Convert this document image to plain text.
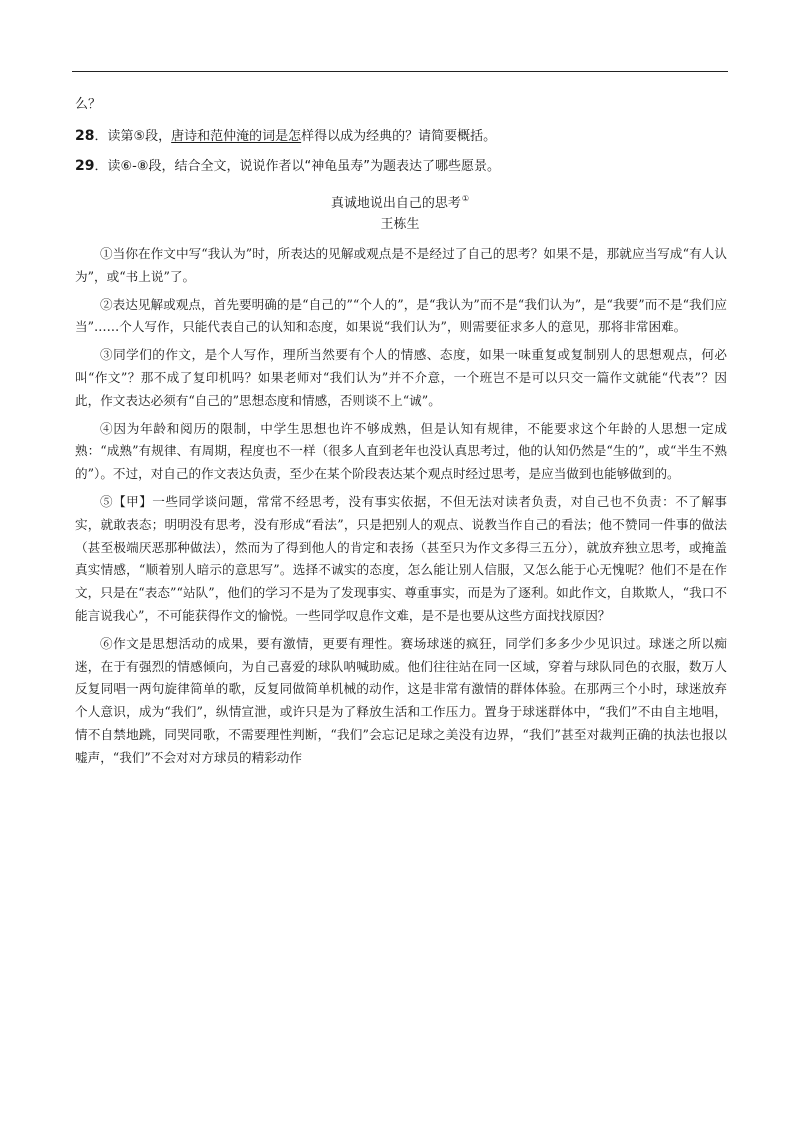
么？
28．读第⑤段，唐诗和范仲淹的词是怎样得以成为经典的？请简要概括。
29．读⑥-⑧段，结合全文，说说作者以“神龟虽寿”为题表达了哪些愿景。
真诚地说出自己的思考①
王栋生

①当你在作文中写“我认为”时，所表达的见解或观点是不是经过了自己的思考？如果不是，那就应当写成“有人认为”，或“书上说”了。

②表达见解或观点，首先要明确的是“自己的”“个人的”，是“我认为”而不是“我们认为”，是“我要”而不是“我们应当”……个人写作，只能代表自己的认知和态度，如果说“我们认为”，则需要征求多人的意见，那将非常困难。

③同学们的作文，是个人写作，理所当然要有个人的情感、态度，如果一味重复或复制别人的思想观点，何必叫“作文”？那不成了复印机吗？如果老师对“我们认为”并不介意，一个班岂不是可以只交一篇作文就能“代表”？因此，作文表达必须有“自己的”思想态度和情感，否则谈不上“诚”。

④因为年龄和阅历的限制，中学生思想也许不够成熟，但是认知有规律，不能要求这个年龄的人思想一定成熟：“成熟”有规律、有周期，程度也不一样（很多人直到老年也没认真思考过，他的认知仍然是“生的”，或“半生不熟的”）。不过，对自己的作文表达负责，至少在某个阶段表达某个观点时经过思考，是应当做到也能够做到的。

⑤【甲】一些同学谈问题，常常不经思考，没有事实依据，不但无法对读者负责，对自己也不负责：不了解事实，就敢表态；明明没有思考，没有形成“看法”，只是把别人的观点、说教当作自己的看法；他不赞同一件事的做法（甚至极端厌恶那种做法），然而为了得到他人的肯定和表扬（甚至只为作文多得三五分），就放弃独立思考，或掩盖真实情感，“顺着别人暗示的意思写”。选择不诚实的态度，怎么能让别人信服，又怎么能于心无愧呢？他们不是在作文，只是在“表态”“站队”，他们的学习不是为了发现事实、尊重事实，而是为了逐利。如此作文，自欺欺人，“我口不能言说我心”，不可能获得作文的愉悦。一些同学叹息作文难，是不是也要从这些方面找找原因？

⑥作文是思想活动的成果，要有激情，更要有理性。赛场球迷的疯狂，同学们多多少少见识过。球迷之所以痴迷，在于有强烈的情感倾向，为自己喜爱的球队呐喊助威。他们往往站在同一区域，穿着与球队同色的衣服，数万人反复同唱一两句旋律简单的歌，反复同做简单机械的动作，这是非常有激情的群体体验。在那两三个小时，球迷放弃个人意识，成为“我们”，纵情宣泄，或许只是为了释放生活和工作压力。置身于球迷群体中，“我们”不由自主地唱，情不自禁地跳，同哭同歌，不需要理性判断，“我们”会忘记足球之美没有边界，“我们”甚至对裁判正确的执法也报以嘘声，“我们”不会对对方球员的精彩动作
